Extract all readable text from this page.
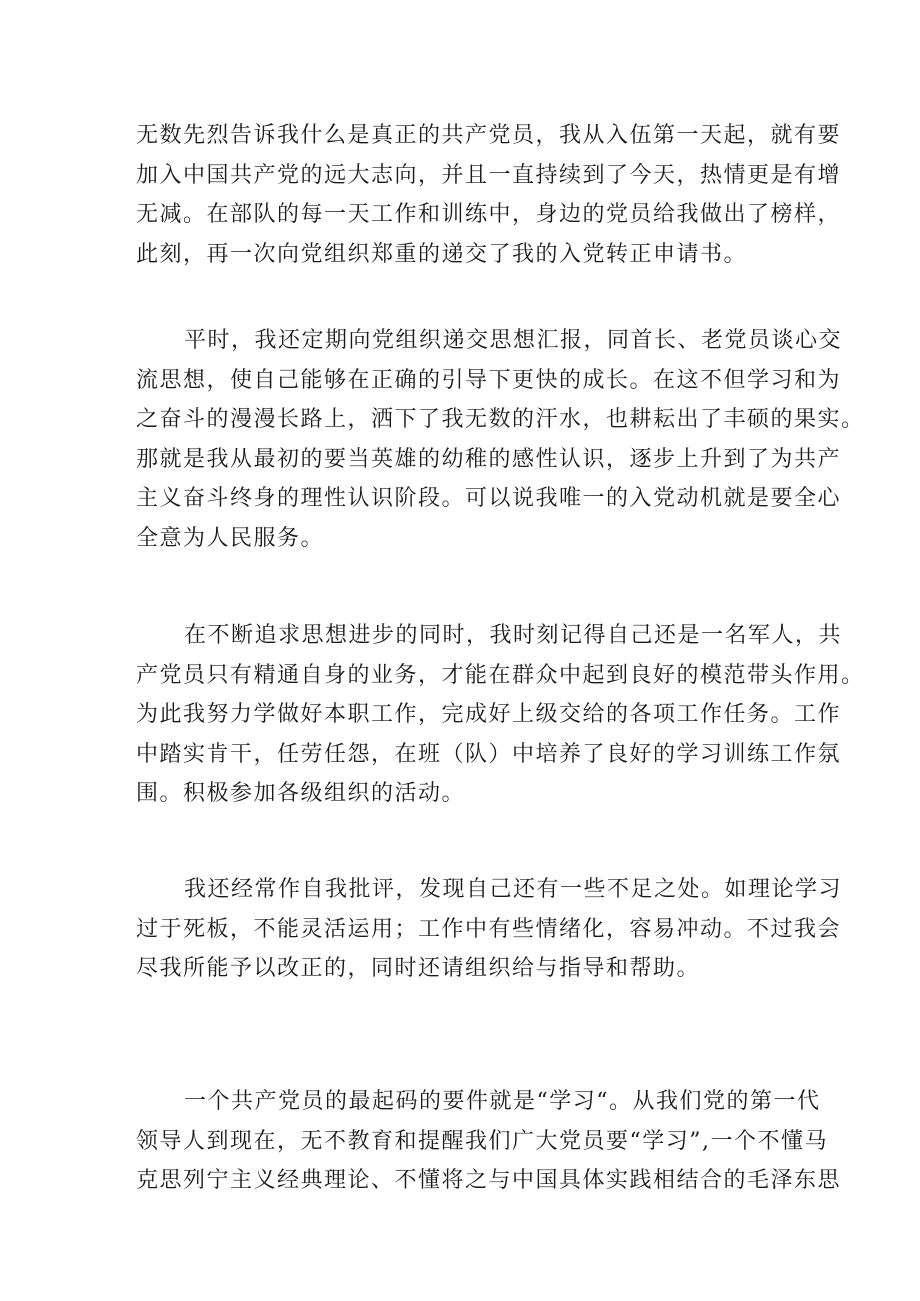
无数先烈告诉我什么是真正的共产党员，我从入伍第一天起，就有要
加入中国共产党的远大志向，并且一直持续到了今天，热情更是有增
无减。在部队的每一天工作和训练中，身边的党员给我做出了榜样，
此刻，再一次向党组织郑重的递交了我的入党转正申请书。
平时，我还定期向党组织递交思想汇报，同首长、老党员谈心交
流思想，使自己能够在正确的引导下更快的成长。在这不但学习和为
之奋斗的漫漫长路上，洒下了我无数的汗水，也耕耘出了丰硕的果实。
那就是我从最初的要当英雄的幼稚的感性认识，逐步上升到了为共产
主义奋斗终身的理性认识阶段。可以说我唯一的入党动机就是要全心
全意为人民服务。
在不断追求思想进步的同时，我时刻记得自己还是一名军人，共
产党员只有精通自身的业务，才能在群众中起到良好的模范带头作用。
为此我努力学做好本职工作，完成好上级交给的各项工作任务。工作
中踏实肯干，任劳任怨，在班（队）中培养了良好的学习训练工作氛
围。积极参加各级组织的活动。
我还经常作自我批评，发现自己还有一些不足之处。如理论学习
过于死板，不能灵活运用；工作中有些情绪化，容易冲动。不过我会
尽我所能予以改正的，同时还请组织给与指导和帮助。
一个共产党员的最起码的要件就是“学习“。从我们党的第一代
领导人到现在，无不教育和提醒我们广大党员要“学习”,一个不懂马
克思列宁主义经典理论、不懂将之与中国具体实践相结合的毛泽东思
